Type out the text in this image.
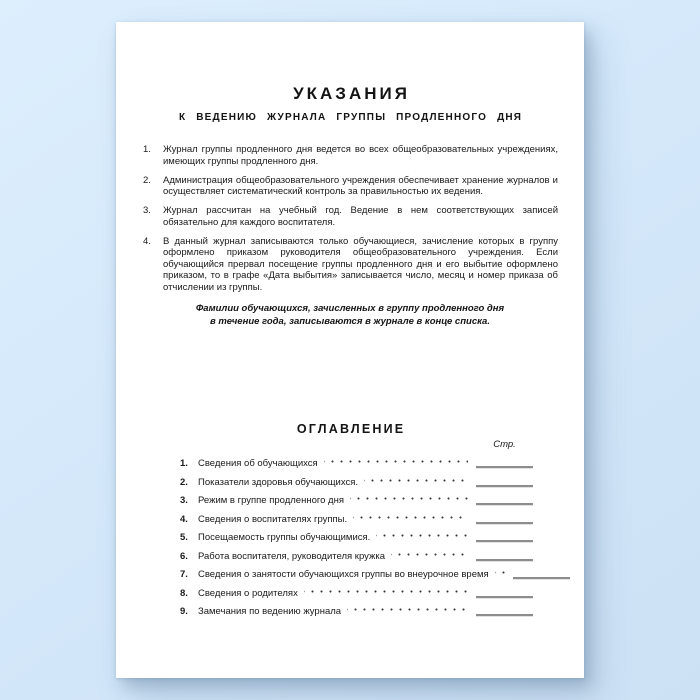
УКАЗАНИЯ
К ВЕДЕНИЮ ЖУРНАЛА ГРУППЫ ПРОДЛЕННОГО ДНЯ
1.	Журнал группы продленного дня ведется во всех общеобразовательных учреждениях, имеющих группы продленного дня.

2.	Администрация общеобразовательного учреждения обеспечивает хранение журналов и осуществляет систематический контроль за правильностью их ведения.

3.	Журнал рассчитан на учебный год. Ведение в нем соответствующих записей обязательно для каждого воспитателя.

4.	В данный журнал записываются только обучающиеся, зачисление которых в группу оформлено приказом руководителя общеобразовательного учреждения. Если обучающийся прервал посещение группы продленного дня и его выбытие оформлено приказом, то в графе «Дата выбытия» записывается число, месяц и номер приказа об отчислении из группы.

Фамилии обучающихся, зачисленных в группу продленного дня
в течение года, записываются в журнале в конце списка.
ОГЛАВЛЕНИЕ
Стр.
1.	Сведения об обучающихся
2.	Показатели здоровья обучающихся.
3.	Режим в группе продленного дня
4.	Сведения о воспитателях группы.
5.	Посещаемость группы обучающимися.
6.	Работа воспитателя, руководителя кружка
7.	Сведения о занятости обучающихся группы во внеурочное время
8.	Сведения о родителях
9.	Замечания по ведению журнала
